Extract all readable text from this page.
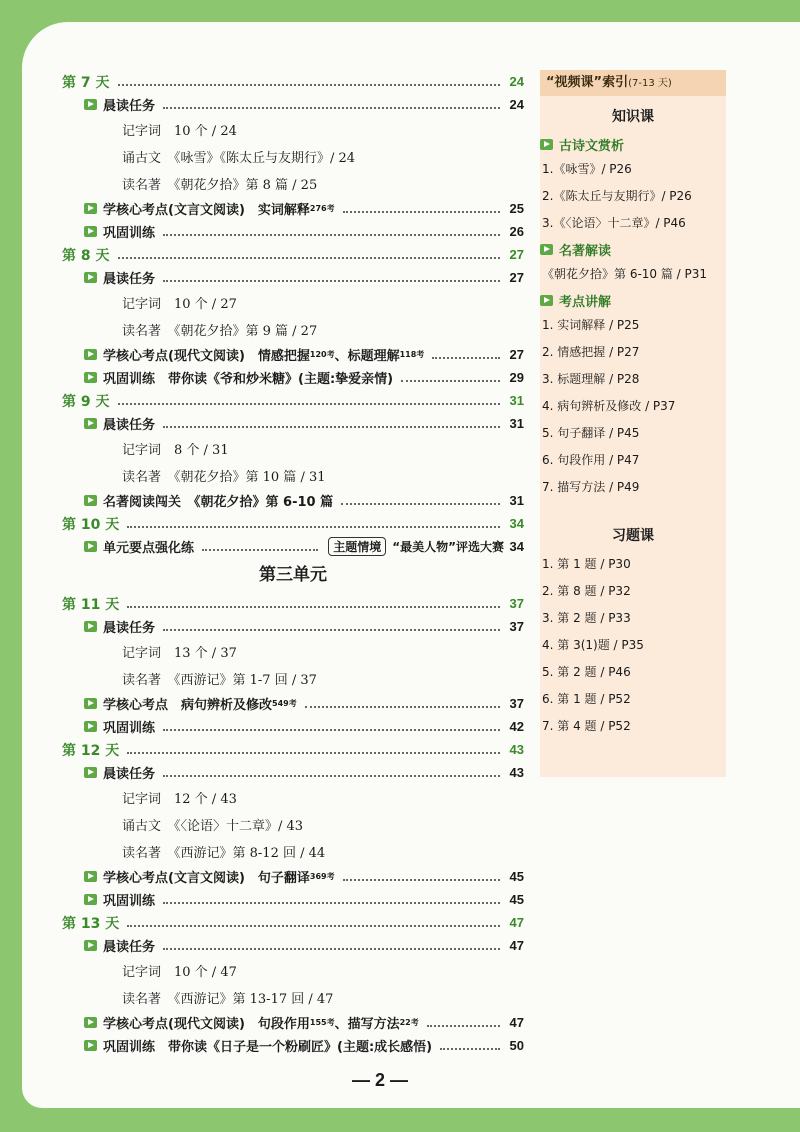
第 7 天	24
晨读任务	24
记字词　10 个 / 24
诵古文　《咏雪》《陈太丘与友期行》/ 24
读名著　《朝花夕拾》第 8 篇 / 25
学核心考点(文言文阅读)　实词解释 276考	25
巩固训练	26
第 8 天	27
晨读任务	27
记字词　10 个 / 27
读名著　《朝花夕拾》第 9 篇 / 27
学核心考点(现代文阅读)　情感把握 120考 、标题理解 118考	27
巩固训练　带你读《爷和炒米糖》(主题:挚爱亲情)	29
第 9 天	31
晨读任务	31
记字词　8 个 / 31
读名著　《朝花夕拾》第 10 篇 / 31
名著阅读闯关　《朝花夕拾》第 6-10 篇	31
第 10 天	34
单元要点强化练	主题情境 “最美人物”评选大赛 34
第三单元
第 11 天	37
晨读任务	37
记字词　13 个 / 37
读名著　《西游记》第 1-7 回 / 37
学核心考点　病句辨析及修改 549考	37
巩固训练	42
第 12 天	43
晨读任务	43
记字词　12 个 / 43
诵古文　《〈论语〉十二章》/ 43
读名著　《西游记》第 8-12 回 / 44
学核心考点(文言文阅读)　句子翻译 369考	45
巩固训练	45
第 13 天	47
晨读任务	47
记字词　10 个 / 47
读名著　《西游记》第 13-17 回 / 47
学核心考点(现代文阅读)　句段作用 155考 、描写方法 22考	47
巩固训练　带你读《日子是一个粉刷匠》(主题:成长感悟)	50
“视频课”索引(7-13 天)
知识课
古诗文赏析
1.《咏雪》/ P26
2.《陈太丘与友期行》/ P26
3.《〈论语〉十二章》/ P46
名著解读
《朝花夕拾》第 6-10 篇 / P31
考点讲解
1. 实词解释 / P25
2. 情感把握 / P27
3. 标题理解 / P28
4. 病句辨析及修改 / P37
5. 句子翻译 / P45
6. 句段作用 / P47
7. 描写方法 / P49
习题课
1. 第 1 题 / P30
2. 第 8 题 / P32
3. 第 2 题 / P33
4. 第 3(1)题 / P35
5. 第 2 题 / P46
6. 第 1 题 / P52
7. 第 4 题 / P52
— 2 —
